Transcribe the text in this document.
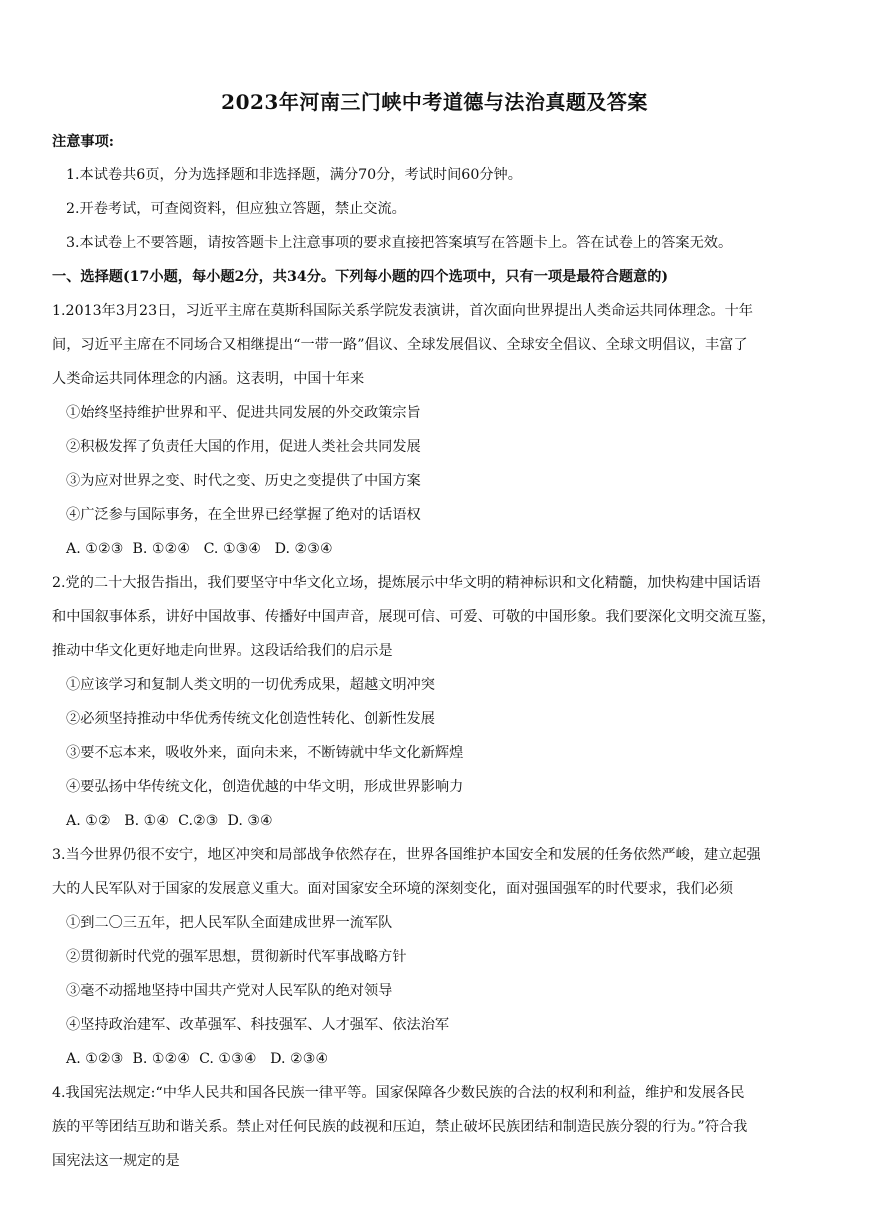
2023年河南三门峡中考道德与法治真题及答案
注意事项:
1.本试卷共6页，分为选择题和非选择题，满分70分，考试时间60分钟。
2.开卷考试，可查阅资料，但应独立答题，禁止交流。
3.本试卷上不要答题，请按答题卡上注意事项的要求直接把答案填写在答题卡上。答在试卷上的答案无效。
一、选择题(17小题，每小题2分，共34分。下列每小题的四个选项中，只有一项是最符合题意的)
1.2013年3月23日，习近平主席在莫斯科国际关系学院发表演讲，首次面向世界提出人类命运共同体理念。十年
间，习近平主席在不同场合又相继提出“一带一路”倡议、全球发展倡议、全球安全倡议、全球文明倡议，丰富了
人类命运共同体理念的内涵。这表明，中国十年来
①始终坚持维护世界和平、促进共同发展的外交政策宗旨
②积极发挥了负责任大国的作用，促进人类社会共同发展
③为应对世界之变、时代之变、历史之变提供了中国方案
④广泛参与国际事务，在全世界已经掌握了绝对的话语权
A. ①②③  B. ①②④   C. ①③④   D. ②③④
2.党的二十大报告指出，我们要坚守中华文化立场，提炼展示中华文明的精神标识和文化精髓，加快构建中国话语
和中国叙事体系，讲好中国故事、传播好中国声音，展现可信、可爱、可敬的中国形象。我们要深化文明交流互鉴，
推动中华文化更好地走向世界。这段话给我们的启示是
①应该学习和复制人类文明的一切优秀成果，超越文明冲突
②必须坚持推动中华优秀传统文化创造性转化、创新性发展
③要不忘本来，吸收外来，面向未来，不断铸就中华文化新辉煌
④要弘扬中华传统文化，创造优越的中华文明，形成世界影响力
A. ①②   B. ①④  C.②③  D. ③④
3.当今世界仍很不安宁，地区冲突和局部战争依然存在，世界各国维护本国安全和发展的任务依然严峻，建立起强
大的人民军队对于国家的发展意义重大。面对国家安全环境的深刻变化，面对强国强军的时代要求，我们必须
①到二〇三五年，把人民军队全面建成世界一流军队
②贯彻新时代党的强军思想，贯彻新时代军事战略方针
③毫不动摇地坚持中国共产党对人民军队的绝对领导
④坚持政治建军、改革强军、科技强军、人才强军、依法治军
A. ①②③  B. ①②④  C. ①③④   D. ②③④
4.我国宪法规定:“中华人民共和国各民族一律平等。国家保障各少数民族的合法的权利和利益，维护和发展各民
族的平等团结互助和谐关系。禁止对任何民族的歧视和压迫，禁止破坏民族团结和制造民族分裂的行为。”符合我
国宪法这一规定的是
